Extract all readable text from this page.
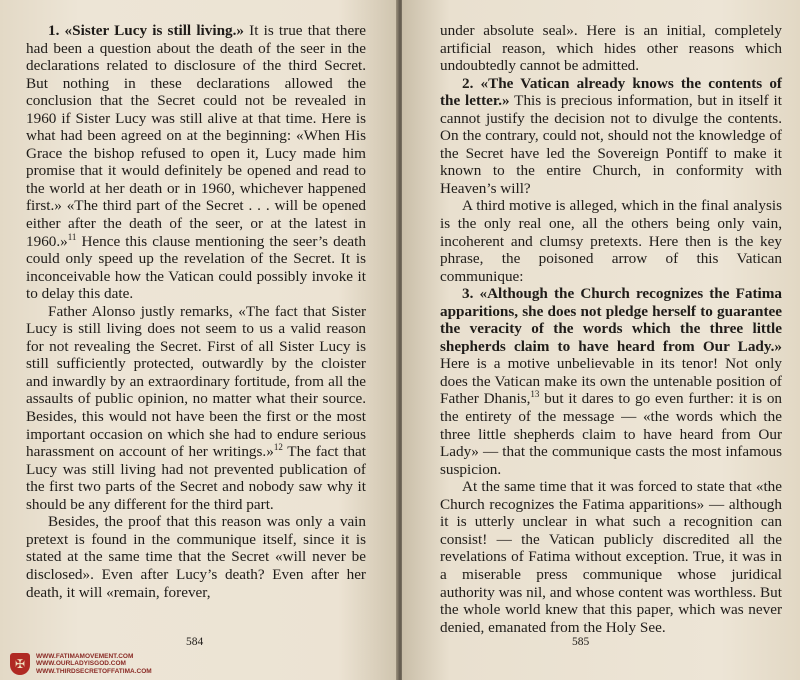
1. «Sister Lucy is still living.» It is true that there had been a question about the death of the seer in the declarations related to disclosure of the third Secret. But nothing in these declarations allowed the conclusion that the Secret could not be revealed in 1960 if Sister Lucy was still alive at that time. Here is what had been agreed on at the beginning: «When His Grace the bishop refused to open it, Lucy made him promise that it would definitely be opened and read to the world at her death or in 1960, whichever happened first.» «The third part of the Secret . . . will be opened either after the death of the seer, or at the latest in 1960.»$^{11}$ Hence this clause mentioning the seer’s death could only speed up the revelation of the Secret. It is inconceivable how the Vatican could possibly invoke it to delay this date.

Father Alonso justly remarks, «The fact that Sister Lucy is still living does not seem to us a valid reason for not revealing the Secret. First of all Sister Lucy is still sufficiently protected, outwardly by the cloister and inwardly by an extraordinary fortitude, from all the assaults of public opinion, no matter what their source. Besides, this would not have been the first or the most important occasion on which she had to endure serious harassment on account of her writings.»$^{12}$ The fact that Lucy was still living had not prevented publication of the first two parts of the Secret and nobody saw why it should be any different for the third part.

Besides, the proof that this reason was only a vain pretext is found in the communique itself, since it is stated at the same time that the Secret «will never be disclosed». Even after Lucy’s death? Even after her death, it will «remain, forever,

584
✠
WWW.FATIMAMOVEMENT.COM
WWW.OURLADYISGOD.COM
WWW.THIRDSECRETOFFATIMA.COM

under absolute seal». Here is an initial, completely artificial reason, which hides other reasons which undoubtedly cannot be admitted.

2. «The Vatican already knows the contents of the letter.» This is precious information, but in itself it cannot justify the decision not to divulge the contents. On the contrary, could not, should not the knowledge of the Secret have led the Sovereign Pontiff to make it known to the entire Church, in conformity with Heaven’s will?

A third motive is alleged, which in the final analysis is the only real one, all the others being only vain, incoherent and clumsy pretexts. Here then is the key phrase, the poisoned arrow of this Vatican communique:

3. «Although the Church recognizes the Fatima apparitions, she does not pledge herself to guarantee the veracity of the words which the three little shepherds claim to have heard from Our Lady.» Here is a motive unbelievable in its tenor! Not only does the Vatican make its own the untenable position of Father Dhanis,$^{13}$ but it dares to go even further: it is on the entirety of the message — «the words which the three little shepherds claim to have heard from Our Lady» — that the communique casts the most infamous suspicion.

At the same time that it was forced to state that «the Church recognizes the Fatima apparitions» — although it is utterly unclear in what such a recognition can consist! — the Vatican publicly discredited all the revelations of Fatima without exception. True, it was in a miserable press communique whose juridical authority was nil, and whose content was worthless. But the whole world knew that this paper, which was never denied, emanated from the Holy See.

585
